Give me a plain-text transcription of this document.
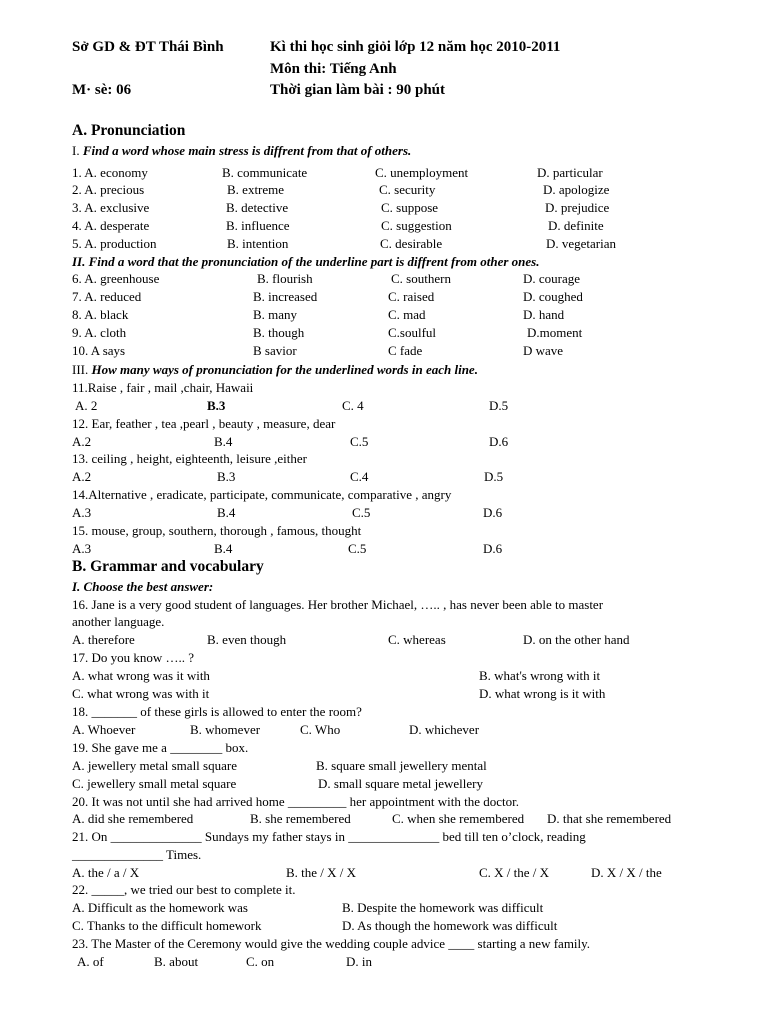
Sở GD & ĐT Thái Bình	Kì thi học sinh giỏi lớp 12 năm học 2010-2011
Môn thi: Tiếng Anh
M· sè: 06	Thời gian làm bài : 90 phút
A. Pronunciation
I. Find a word whose main stress is diffrent from that of others.
1. A. economy	B. communicate	C. unemployment	D. particular
2. A. precious	B. extreme	C. security	D. apologize
3. A. exclusive	B. detective	C. suppose	D. prejudice
4. A. desperate	B. influence	C. suggestion	D. definite
5. A. production	B. intention	C. desirable	D. vegetarian
II. Find a word that the pronunciation of the underline part is diffrent from other ones.
6. A. greenhouse	B. flourish	C. southern	D. courage
7. A. reduced	B. increased	C. raised	D. coughed
8. A. black	B. many	C. mad	D. hand
9. A. cloth	B. though	C.soulful	D.moment
10. A says	B savior	C fade	D wave
III. How many ways of pronunciation for the underlined words in each line.
11.Raise , fair , mail ,chair, Hawaii
A. 2	B.3	C. 4	D.5
12. Ear, feather , tea ,pearl , beauty , measure, dear
A.2	B.4	C.5	D.6
13. ceiling , height, eighteenth, leisure ,either
A.2	B.3	C.4	D.5
14.Alternative , eradicate, participate, communicate, comparative , angry
A.3	B.4	C.5	D.6
15. mouse, group, southern, thorough , famous, thought
A.3	B.4	C.5	D.6
B. Grammar and vocabulary
I. Choose the best answer:
16. Jane is a very good student of languages. Her brother Michael, ….. , has never been able to master
another language.
A. therefore	B. even though	C. whereas	D. on the other hand
17. Do you know ….. ?
A. what wrong was it with	B. what's wrong with it
C. what wrong was with it	D. what wrong is it with
18. _______ of these girls is allowed to enter the room?
A. Whoever	B. whomever	C. Who	D. whichever
19. She gave me a ________ box.
A. jewellery metal small square	B. square small jewellery mental
C. jewellery small metal square	D. small square metal jewellery
20. It was not until she had arrived home _________ her appointment with the doctor.
A. did she remembered	B. she remembered	C. when she remembered D. that she remembered
21. On ______________ Sundays my father stays in ______________ bed till ten o’clock, reading
______________ Times.
A. the / a / X	B. the / X / X	C. X / the / X	D. X / X / the
22. _____, we tried our best to complete it.
A. Difficult as the homework was	B. Despite the homework was difficult
C. Thanks to the difficult homework	D. As though the homework was difficult
23. The Master of the Ceremony would give the wedding couple advice ____ starting a new family.
A. of	B. about	C. on	D. in
